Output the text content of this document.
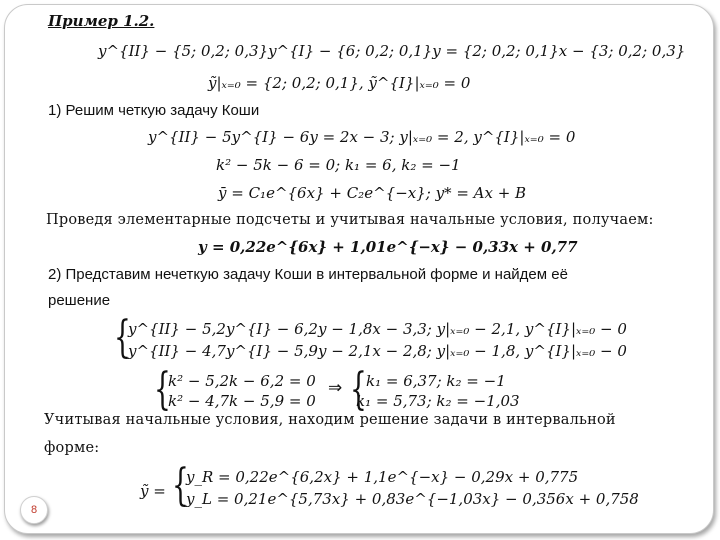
Пример 1.2.
y^{II} − {5; 0,2; 0,3}y^{I} − {6; 0,2; 0,1}y = {2; 0,2; 0,1}x − {3; 0,2; 0,3}
ỹ|ₓ₌₀ = {2; 0,2; 0,1}, ỹ^{I}|ₓ₌₀ = 0
1) Решим четкую задачу Коши
y^{II} − 5y^{I} − 6y = 2x − 3; y|ₓ₌₀ = 2, y^{I}|ₓ₌₀ = 0
k² − 5k − 6 = 0; k₁ = 6, k₂ = −1
ȳ = C₁e^{6x} + C₂e^{−x}; y* = Ax + B
Проведя элементарные подсчеты и учитывая начальные условия, получаем:
y = 0,22e^{6x} + 1,01e^{−x} − 0,33x + 0,77
2) Представим нечеткую задачу Коши в интервальной форме и найдем её
решение
{
y^{II} − 5,2y^{I} − 6,2y − 1,8x − 3,3; y|ₓ₌₀ − 2,1, y^{I}|ₓ₌₀ − 0
y^{II} − 4,7y^{I} − 5,9y − 2,1x − 2,8; y|ₓ₌₀ − 1,8, y^{I}|ₓ₌₀ − 0
{
k² − 5,2k − 6,2 = 0
k² − 4,7k − 5,9 = 0
⇒ { k₁ = 6,37; k₂ = −1
k₁ = 5,73; k₂ = −1,03
Учитывая начальные условия, находим решение задачи в интервальной
форме:
ỹ = {
y_R = 0,22e^{6,2x} + 1,1e^{−x} − 0,29x + 0,775
y_L = 0,21e^{5,73x} + 0,83e^{−1,03x} − 0,356x + 0,758
8
